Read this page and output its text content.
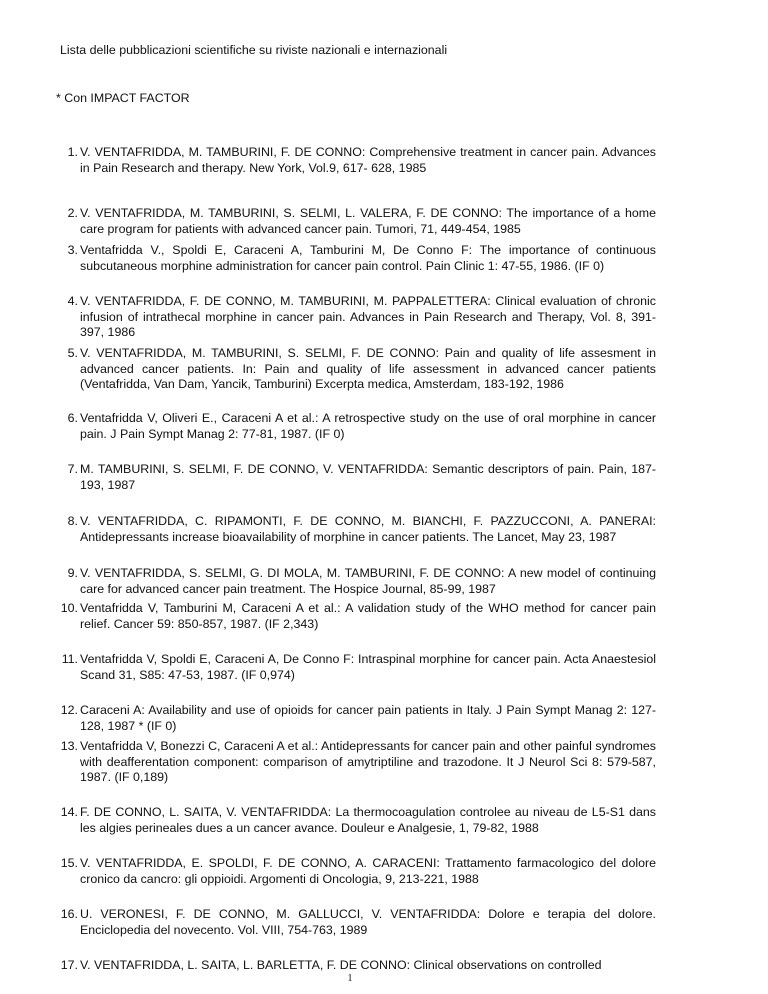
Lista delle pubblicazioni scientifiche su riviste nazionali e internazionali
* Con IMPACT FACTOR
1. V. VENTAFRIDDA, M. TAMBURINI, F. DE CONNO: Comprehensive treatment in cancer pain. Advances in Pain Research and therapy. New York, Vol.9, 617- 628, 1985
2. V. VENTAFRIDDA, M. TAMBURINI, S. SELMI, L. VALERA, F. DE CONNO: The importance of a home care program for patients with advanced cancer pain. Tumori, 71, 449-454, 1985
3. Ventafridda V., Spoldi E, Caraceni A, Tamburini M, De Conno F: The importance of continuous subcutaneous morphine administration for cancer pain control. Pain Clinic 1: 47-55, 1986. (IF 0)
4. V. VENTAFRIDDA, F. DE CONNO, M. TAMBURINI, M. PAPPALETTERA: Clinical evaluation of chronic infusion of intrathecal morphine in cancer pain. Advances in Pain Research and Therapy, Vol. 8, 391-397, 1986
5. V. VENTAFRIDDA, M. TAMBURINI, S. SELMI, F. DE CONNO: Pain and quality of life assesment in advanced cancer patients. In: Pain and quality of life assessment in advanced cancer patients (Ventafridda, Van Dam, Yancik, Tamburini) Excerpta medica, Amsterdam, 183-192, 1986
6. Ventafridda V, Oliveri E., Caraceni A et al.: A retrospective study on the use of oral morphine in cancer pain. J Pain Sympt Manag 2: 77-81, 1987. (IF 0)
7. M. TAMBURINI, S. SELMI, F. DE CONNO, V. VENTAFRIDDA: Semantic descriptors of pain. Pain, 187-193, 1987
8. V. VENTAFRIDDA, C. RIPAMONTI, F. DE CONNO, M. BIANCHI, F. PAZZUCCONI, A. PANERAI: Antidepressants increase bioavailability of morphine in cancer patients. The Lancet, May 23, 1987
9. V. VENTAFRIDDA, S. SELMI, G. DI MOLA, M. TAMBURINI, F. DE CONNO: A new model of continuing care for advanced cancer pain treatment. The Hospice Journal, 85-99, 1987
10. Ventafridda V, Tamburini M, Caraceni A et al.: A validation study of the WHO method for cancer pain relief. Cancer 59: 850-857, 1987. (IF 2,343)
11. Ventafridda V, Spoldi E, Caraceni A, De Conno F: Intraspinal morphine for cancer pain. Acta Anaestesiol Scand 31, S85: 47-53, 1987. (IF 0,974)
12. Caraceni A: Availability and use of opioids for cancer pain patients in Italy. J Pain Sympt Manag 2: 127-128, 1987 * (IF 0)
13. Ventafridda V, Bonezzi C, Caraceni A et al.: Antidepressants for cancer pain and other painful syndromes with deafferentation component: comparison of amytriptiline and trazodone. It J Neurol Sci 8: 579-587, 1987. (IF 0,189)
14. F. DE CONNO, L. SAITA, V. VENTAFRIDDA: La thermocoagulation controlee au niveau de L5-S1 dans les algies perineales dues a un cancer avance. Douleur e Analgesie, 1, 79-82, 1988
15. V. VENTAFRIDDA, E. SPOLDI, F. DE CONNO, A. CARACENI: Trattamento farmacologico del dolore cronico da cancro: gli oppioidi. Argomenti di Oncologia, 9, 213-221, 1988
16. U. VERONESI, F. DE CONNO, M. GALLUCCI, V. VENTAFRIDDA: Dolore e terapia del dolore. Enciclopedia del novecento. Vol. VIII, 754-763, 1989
17. V. VENTAFRIDDA, L. SAITA, L. BARLETTA, F. DE CONNO: Clinical observations on controlled
1
